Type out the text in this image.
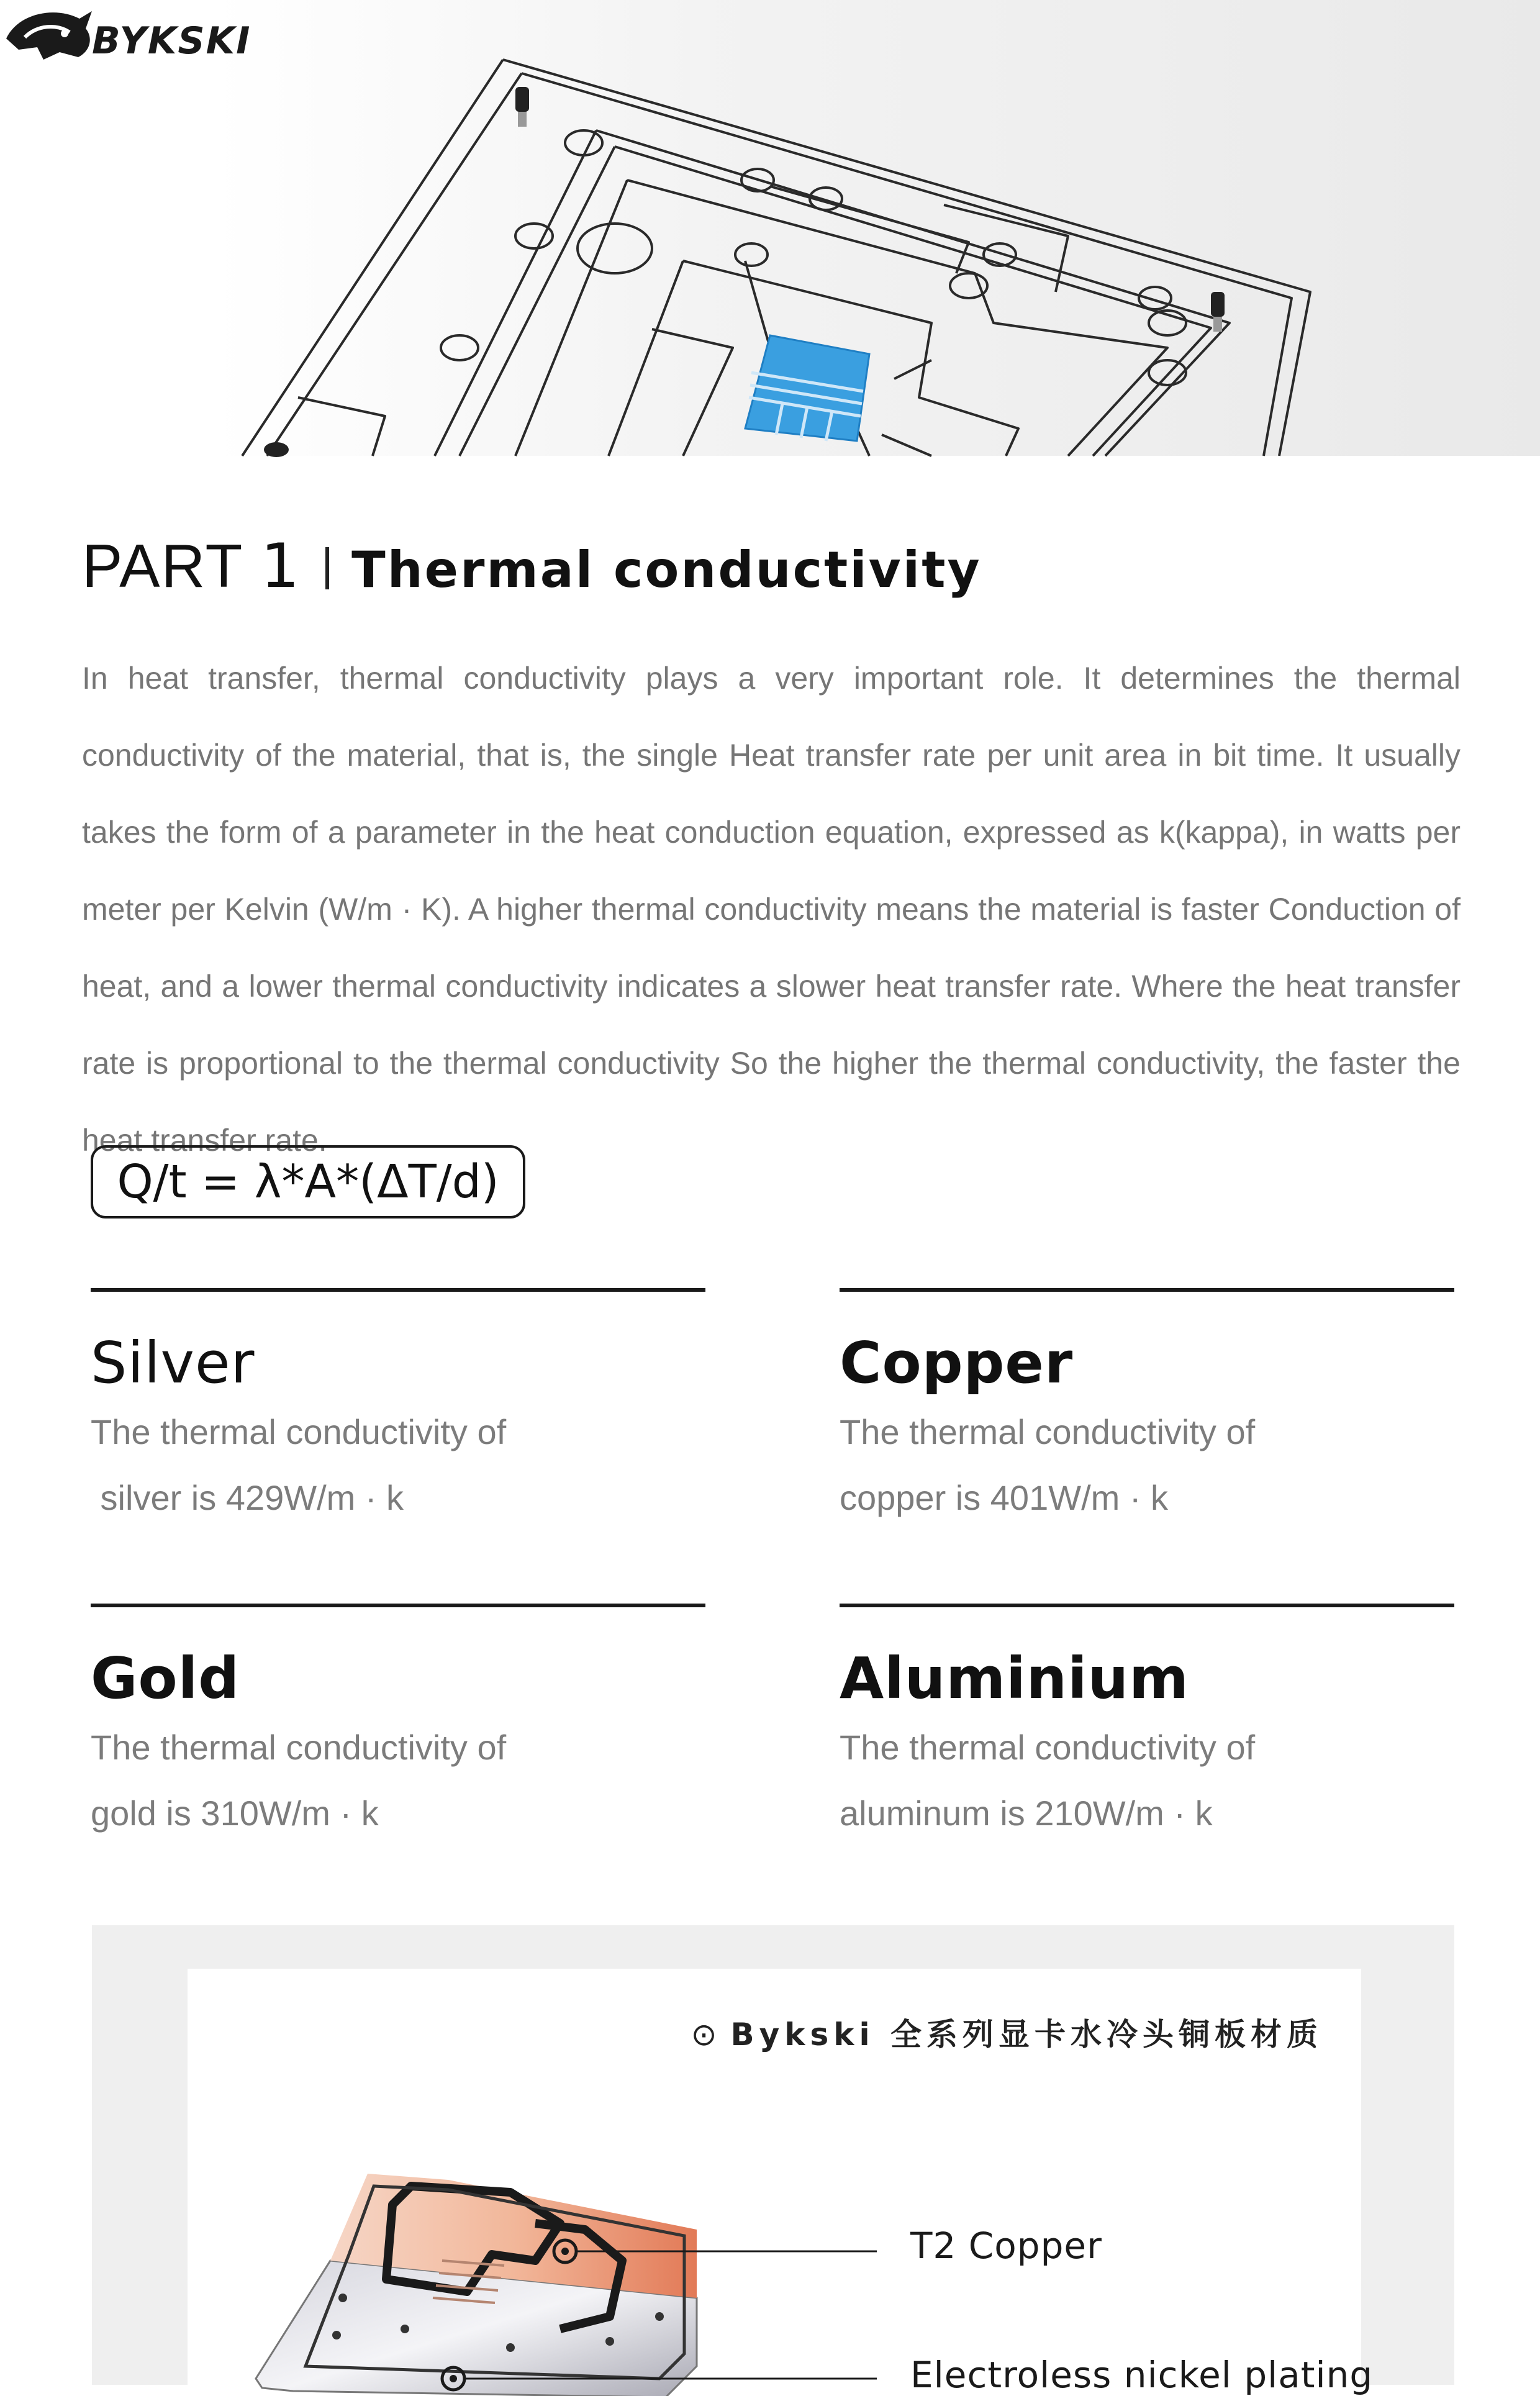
BYKSKI
PART 1 Thermal conductivity
In heat transfer, thermal conductivity plays a very important role. It determines the thermal conductivity of the material, that is, the single Heat transfer rate per unit area in bit time. It usually takes the form of a parameter in the heat conduction equation, expressed as k(kappa), in watts per meter per Kelvin (W/m · K). A higher thermal conductivity means the material is faster Conduction of heat, and a lower thermal conductivity indicates a slower heat transfer rate. Where the heat transfer rate is proportional to the thermal conductivity So the higher the thermal conductivity, the faster the heat transfer rate.
Q/t = λ*A*(ΔT/d)
Silver
The thermal conductivity of
silver is 429W/m · k
Copper
The thermal conductivity of
copper is 401W/m · k
Gold
The thermal conductivity of
gold is 310W/m · k
Aluminium
The thermal conductivity of
aluminum is 210W/m · k
⊙ Bykski 全系列显卡水冷头铜板材质
T2 Copper
Electroless nickel plating
